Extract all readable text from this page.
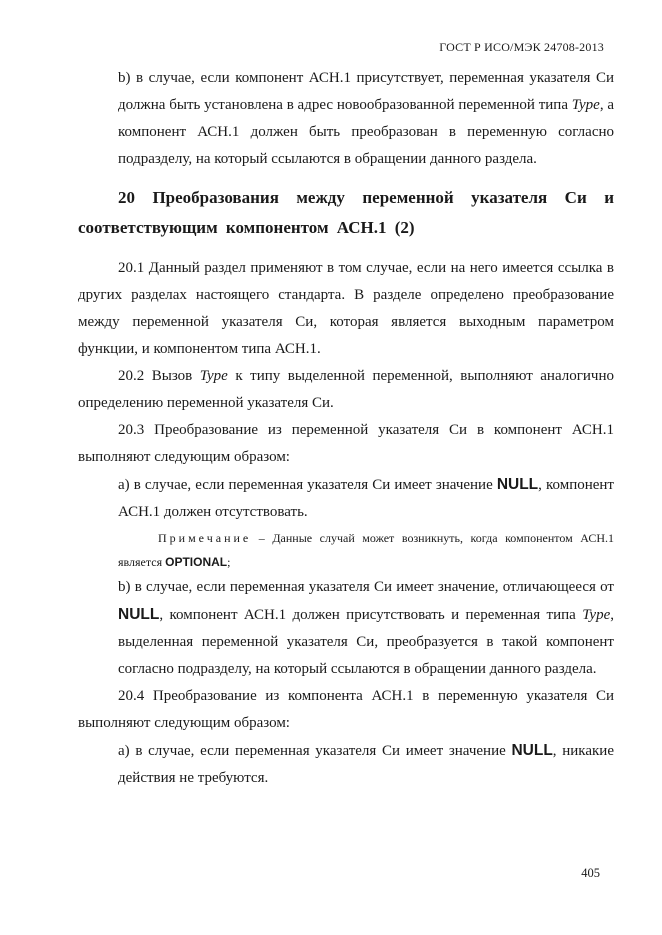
ГОСТ Р ИСО/МЭК 24708-2013

b) в случае, если компонент АСН.1 присутствует, переменная указателя Си должна быть установлена в адрес новообразованной переменной типа Type, а компонент АСН.1 должен быть преобразован в переменную согласно подразделу, на который ссылаются в обращении данного раздела.

20 Преобразования между переменной указателя Си и соответствующим компонентом АСН.1 (2)

20.1 Данный раздел применяют в том случае, если на него имеется ссылка в других разделах настоящего стандарта. В разделе определено преобразование между переменной указателя Си, которая является выходным параметром функции, и компонентом типа АСН.1.

20.2 Вызов Type к типу выделенной переменной, выполняют аналогично определению переменной указателя Си.

20.3 Преобразование из переменной указателя Си в компонент АСН.1 выполняют следующим образом:

a) в случае, если переменная указателя Си имеет значение NULL, компонент АСН.1 должен отсутствовать.

Примечание – Данные случай может возникнуть, когда компонентом АСН.1 является OPTIONAL;

b) в случае, если переменная указателя Си имеет значение, отличающееся от NULL, компонент АСН.1 должен присутствовать и переменная типа Type, выделенная переменной указателя Си, преобразуется в такой компонент согласно подразделу, на который ссылаются в обращении данного раздела.

20.4 Преобразование из компонента АСН.1 в переменную указателя Си выполняют следующим образом:

a) в случае, если переменная указателя Си имеет значение NULL, никакие действия не требуются.

405
